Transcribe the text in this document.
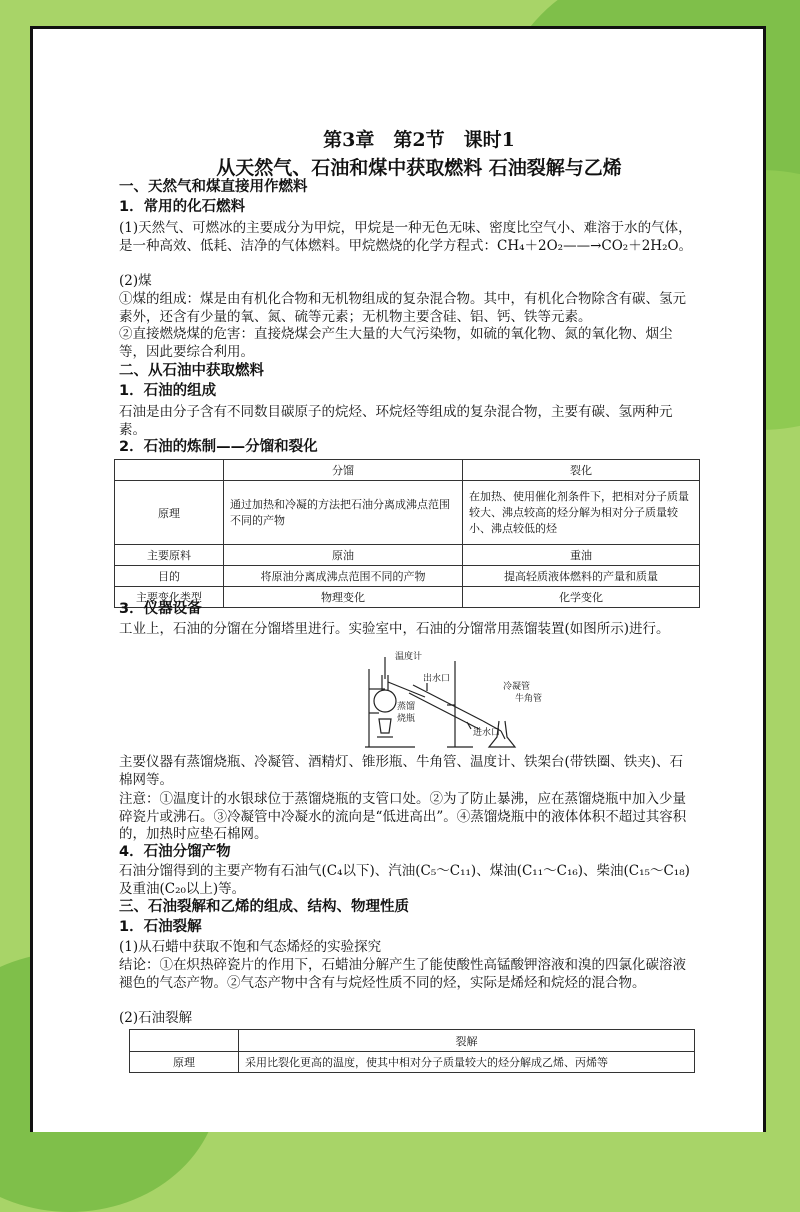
第3章　第2节　课时1
从天然气、石油和煤中获取燃料 石油裂解与乙烯
一、天然气和煤直接用作燃料
1．常用的化石燃料
(1)天然气、可燃冰的主要成分为甲烷，甲烷是一种无色无味、密度比空气小、难溶于水的气体，是一种高效、低耗、洁净的气体燃料。甲烷燃烧的化学方程式：CH₄＋2O₂——→CO₂＋2H₂O。
(2)煤
①煤的组成：煤是由有机化合物和无机物组成的复杂混合物。其中，有机化合物除含有碳、氢元素外，还含有少量的氧、氮、硫等元素；无机物主要含硅、铝、钙、铁等元素。
②直接燃烧煤的危害：直接烧煤会产生大量的大气污染物，如硫的氧化物、氮的氧化物、烟尘等，因此要综合利用。
二、从石油中获取燃料
1．石油的组成
石油是由分子含有不同数目碳原子的烷烃、环烷烃等组成的复杂混合物，主要有碳、氢两种元素。
2．石油的炼制——分馏和裂化
	分馏	裂化
原理	通过加热和冷凝的方法把石油分离成沸点范围不同的产物	在加热、使用催化剂条件下，把相对分子质量较大、沸点较高的烃分解为相对分子质量较小、沸点较低的烃
主要原料	原油	重油
目的	将原油分离成沸点范围不同的产物	提高轻质液体燃料的产量和质量
主要变化类型	物理变化	化学变化
3．仪器设备
工业上，石油的分馏在分馏塔里进行。实验室中，石油的分馏常用蒸馏装置(如图所示)进行。
温度计
出水口
冷凝管
牛角管
蒸馏
烧瓶
进水口
主要仪器有蒸馏烧瓶、冷凝管、酒精灯、锥形瓶、牛角管、温度计、铁架台(带铁圈、铁夹)、石棉网等。
注意：①温度计的水银球位于蒸馏烧瓶的支管口处。②为了防止暴沸，应在蒸馏烧瓶中加入少量碎瓷片或沸石。③冷凝管中冷凝水的流向是“低进高出”。④蒸馏烧瓶中的液体体积不超过其容积的，加热时应垫石棉网。
4．石油分馏产物
石油分馏得到的主要产物有石油气(C₄以下)、汽油(C₅～C₁₁)、煤油(C₁₁～C₁₆)、柴油(C₁₅～C₁₈)及重油(C₂₀以上)等。
三、石油裂解和乙烯的组成、结构、物理性质
1．石油裂解
(1)从石蜡中获取不饱和气态烯烃的实验探究
结论：①在炽热碎瓷片的作用下，石蜡油分解产生了能使酸性高锰酸钾溶液和溴的四氯化碳溶液褪色的气态产物。②气态产物中含有与烷烃性质不同的烃，实际是烯烃和烷烃的混合物。
(2)石油裂解
	裂解
原理	采用比裂化更高的温度，使其中相对分子质量较大的烃分解成乙烯、丙烯等
